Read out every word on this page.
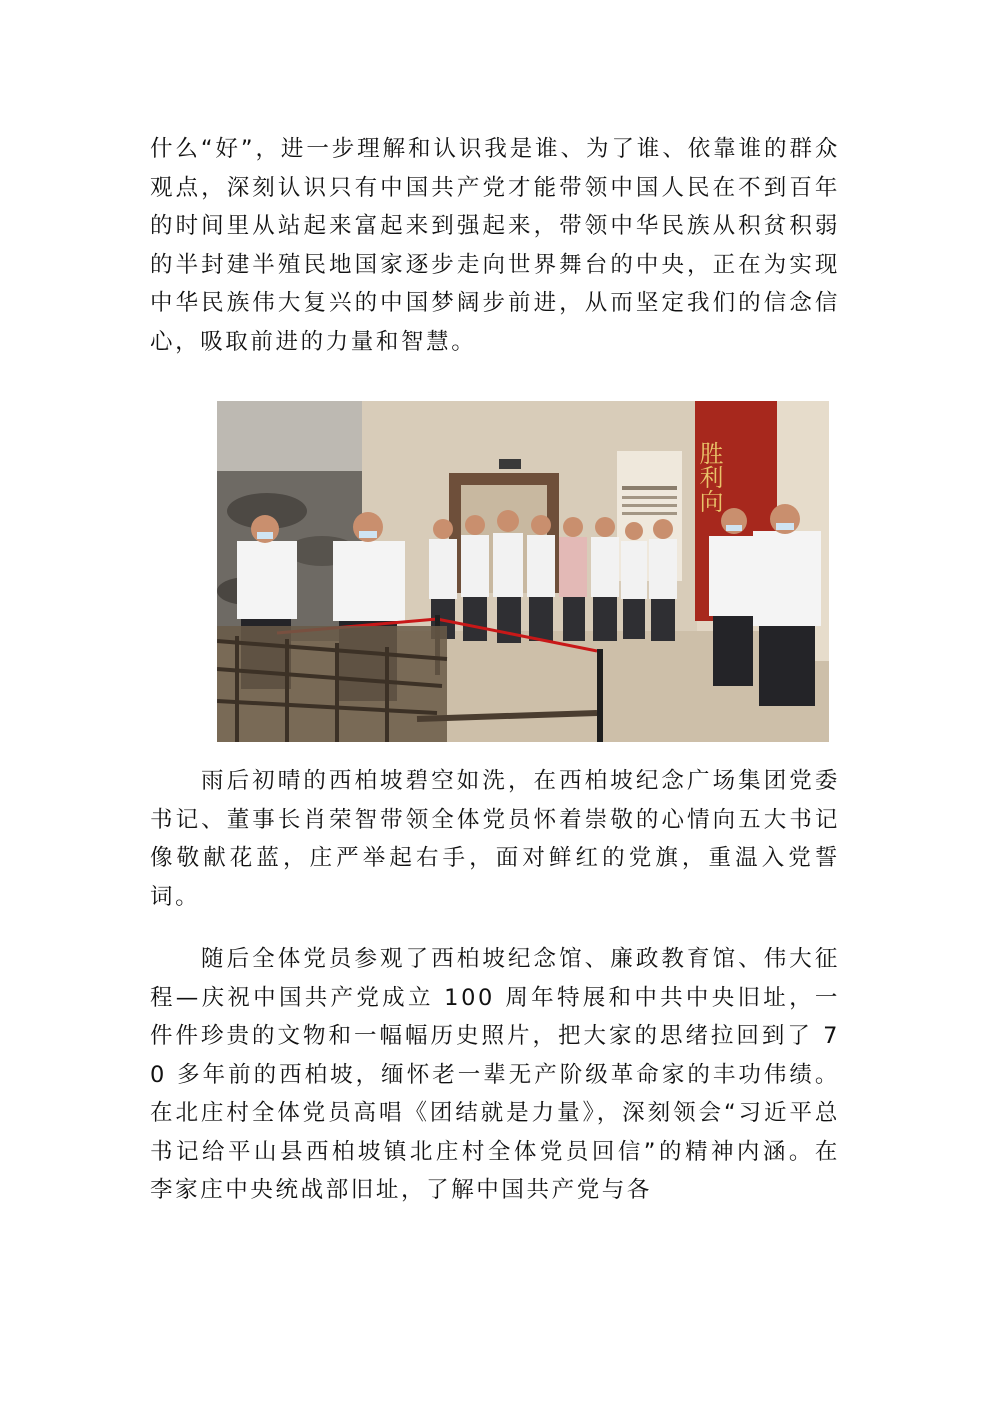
什么“好”，进一步理解和认识我是谁、为了谁、依靠谁的群众观点，深刻认识只有中国共产党才能带领中国人民在不到百年的时间里从站起来富起来到强起来，带领中华民族从积贫积弱的半封建半殖民地国家逐步走向世界舞台的中央，正在为实现中华民族伟大复兴的中国梦阔步前进，从而坚定我们的信念信心，吸取前进的力量和智慧。

胜利向

雨后初晴的西柏坡碧空如洗，在西柏坡纪念广场集团党委书记、董事长肖荣智带领全体党员怀着崇敬的心情向五大书记像敬献花蓝，庄严举起右手，面对鲜红的党旗，重温入党誓词。

随后全体党员参观了西柏坡纪念馆、廉政教育馆、伟大征程—庆祝中国共产党成立 100 周年特展和中共中央旧址，一件件珍贵的文物和一幅幅历史照片，把大家的思绪拉回到了 70 多年前的西柏坡，缅怀老一辈无产阶级革命家的丰功伟绩。在北庄村全体党员高唱《团结就是力量》，深刻领会“习近平总书记给平山县西柏坡镇北庄村全体党员回信”的精神内涵。在李家庄中央统战部旧址，了解中国共产党与各
